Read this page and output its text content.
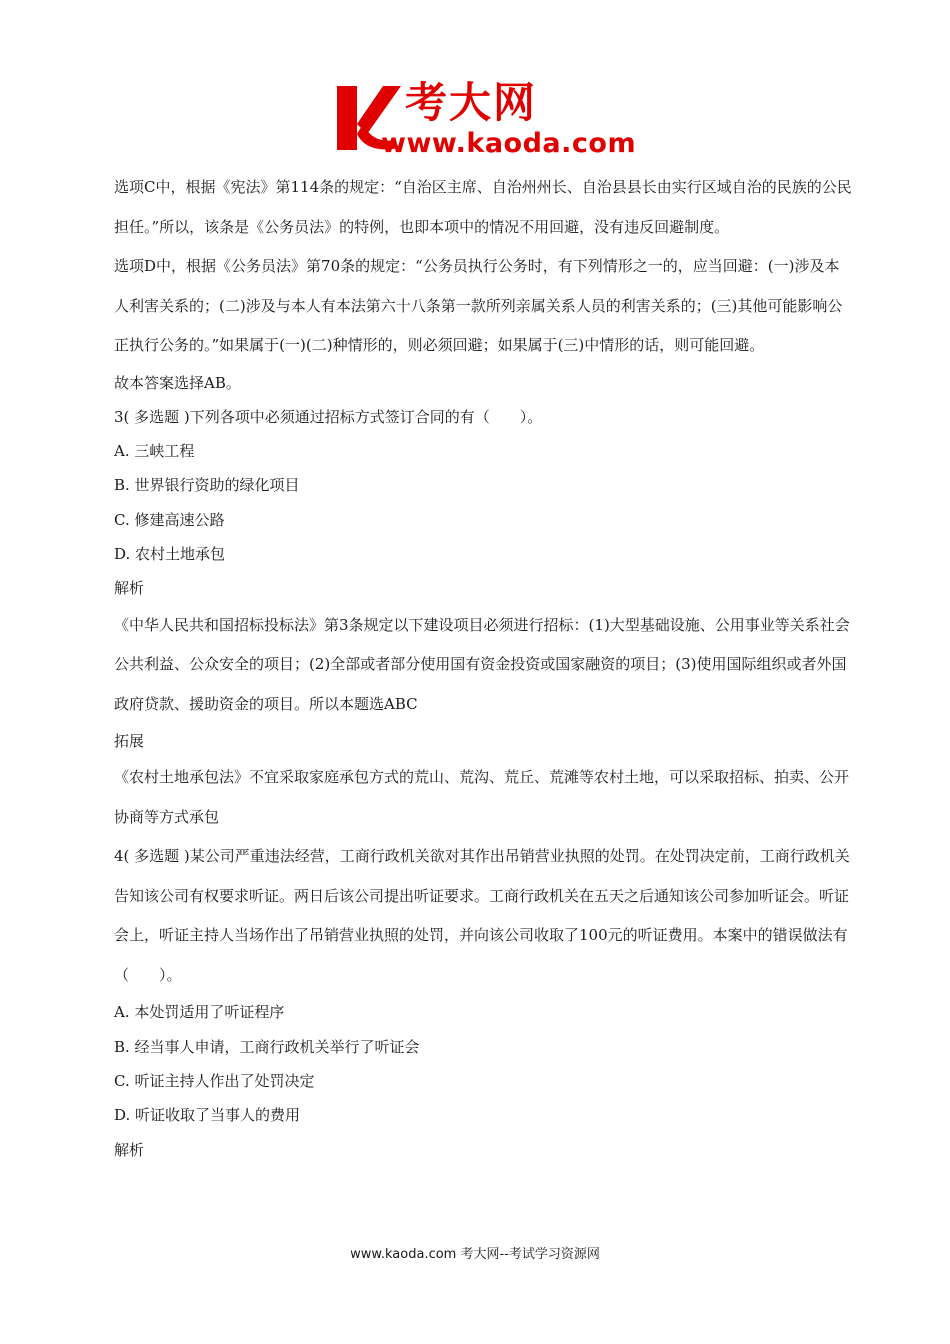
考大网
www.kaoda.com

选项C中，根据《宪法》第114条的规定：“自治区主席、自治州州长、自治县县长由实行区域自治的民族的公民担任。”所以，该条是《公务员法》的特例，也即本项中的情况不用回避，没有违反回避制度。

选项D中，根据《公务员法》第70条的规定：“公务员执行公务时，有下列情形之一的，应当回避：(一)涉及本人利害关系的；(二)涉及与本人有本法第六十八条第一款所列亲属关系人员的利害关系的；(三)其他可能影响公正执行公务的。”如果属于(一)(二)种情形的，则必须回避；如果属于(三)中情形的话，则可能回避。

故本答案选择AB。

3( 多选题 )下列各项中必须通过招标方式签订合同的有（　　）。

A. 三峡工程

B. 世界银行资助的绿化项目

C. 修建高速公路

D. 农村土地承包

解析

《中华人民共和国招标投标法》第3条规定以下建设项目必须进行招标：(1)大型基础设施、公用事业等关系社会公共利益、公众安全的项目；(2)全部或者部分使用国有资金投资或国家融资的项目；(3)使用国际组织或者外国政府贷款、援助资金的项目。所以本题选ABC

拓展

《农村土地承包法》不宜采取家庭承包方式的荒山、荒沟、荒丘、荒滩等农村土地，可以采取招标、拍卖、公开协商等方式承包

4( 多选题 )某公司严重违法经营，工商行政机关欲对其作出吊销营业执照的处罚。在处罚决定前，工商行政机关告知该公司有权要求听证。两日后该公司提出听证要求。工商行政机关在五天之后通知该公司参加听证会。听证会上，听证主持人当场作出了吊销营业执照的处罚，并向该公司收取了100元的听证费用。本案中的错误做法有（　　）。

A. 本处罚适用了听证程序

B. 经当事人申请，工商行政机关举行了听证会

C. 听证主持人作出了处罚决定

D. 听证收取了当事人的费用

解析

www.kaoda.com 考大网--考试学习资源网
